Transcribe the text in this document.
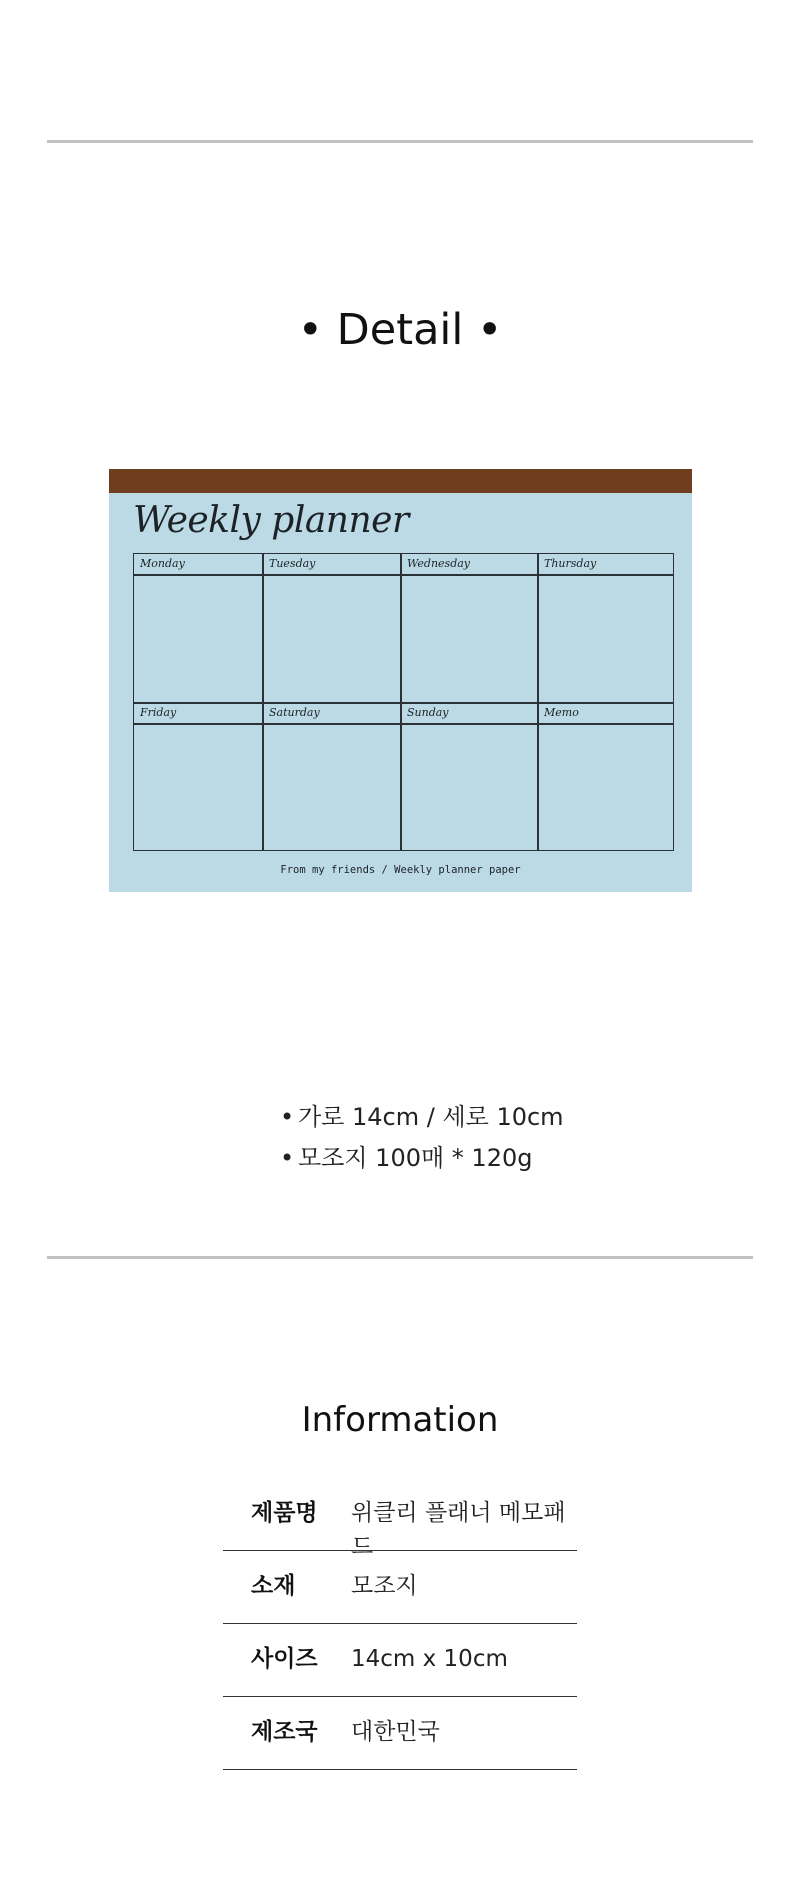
• Detail •
Weekly planner
Monday	Tuesday	Wednesday	Thursday
Friday	Saturday	Sunday	Memo
From my friends / Weekly planner paper
• 가로 14cm / 세로 10cm
• 모조지 100매 * 120g
Information
제품명 위클리 플래너 메모패드
소재 모조지
사이즈 14cm x 10cm
제조국 대한민국
